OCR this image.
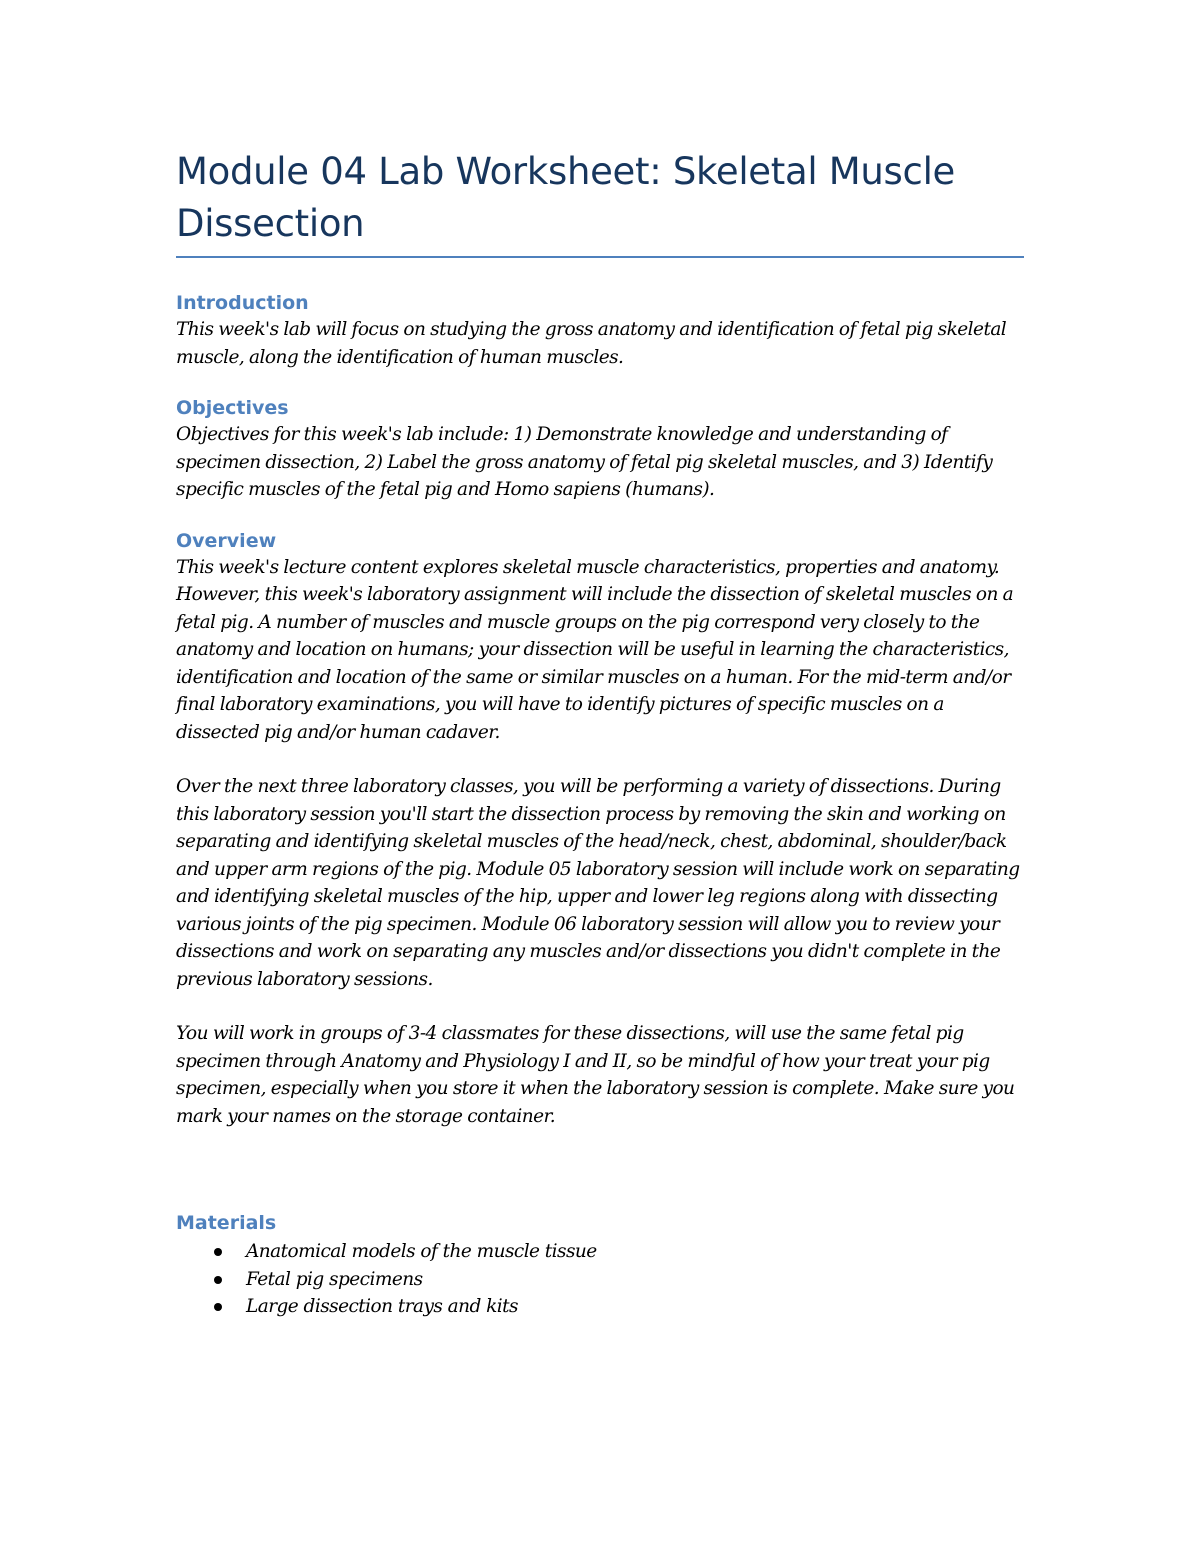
Module 04 Lab Worksheet: Skeletal Muscle Dissection
Introduction

This week's lab will focus on studying the gross anatomy and identification of fetal pig skeletal muscle, along the identification of human muscles.

Objectives

Objectives for this week's lab include: 1) Demonstrate knowledge and understanding of specimen dissection, 2) Label the gross anatomy of fetal pig skeletal muscles, and 3) Identify specific muscles of the fetal pig and Homo sapiens (humans).

Overview

This week's lecture content explores skeletal muscle characteristics, properties and anatomy. However, this week's laboratory assignment will include the dissection of skeletal muscles on a fetal pig. A number of muscles and muscle groups on the pig correspond very closely to the anatomy and location on humans; your dissection will be useful in learning the characteristics, identification and location of the same or similar muscles on a human. For the mid-term and/or final laboratory examinations, you will have to identify pictures of specific muscles on a dissected pig and/or human cadaver.

Over the next three laboratory classes, you will be performing a variety of dissections. During this laboratory session you'll start the dissection process by removing the skin and working on separating and identifying skeletal muscles of the head/neck, chest, abdominal, shoulder/back and upper arm regions of the pig. Module 05 laboratory session will include work on separating and identifying skeletal muscles of the hip, upper and lower leg regions along with dissecting various joints of the pig specimen. Module 06 laboratory session will allow you to review your dissections and work on separating any muscles and/or dissections you didn't complete in the previous laboratory sessions.

You will work in groups of 3-4 classmates for these dissections, will use the same fetal pig specimen through Anatomy and Physiology I and II, so be mindful of how your treat your pig specimen, especially when you store it when the laboratory session is complete. Make sure you mark your names on the storage container.

Materials
Anatomical models of the muscle tissue
Fetal pig specimens
Large dissection trays and kits
